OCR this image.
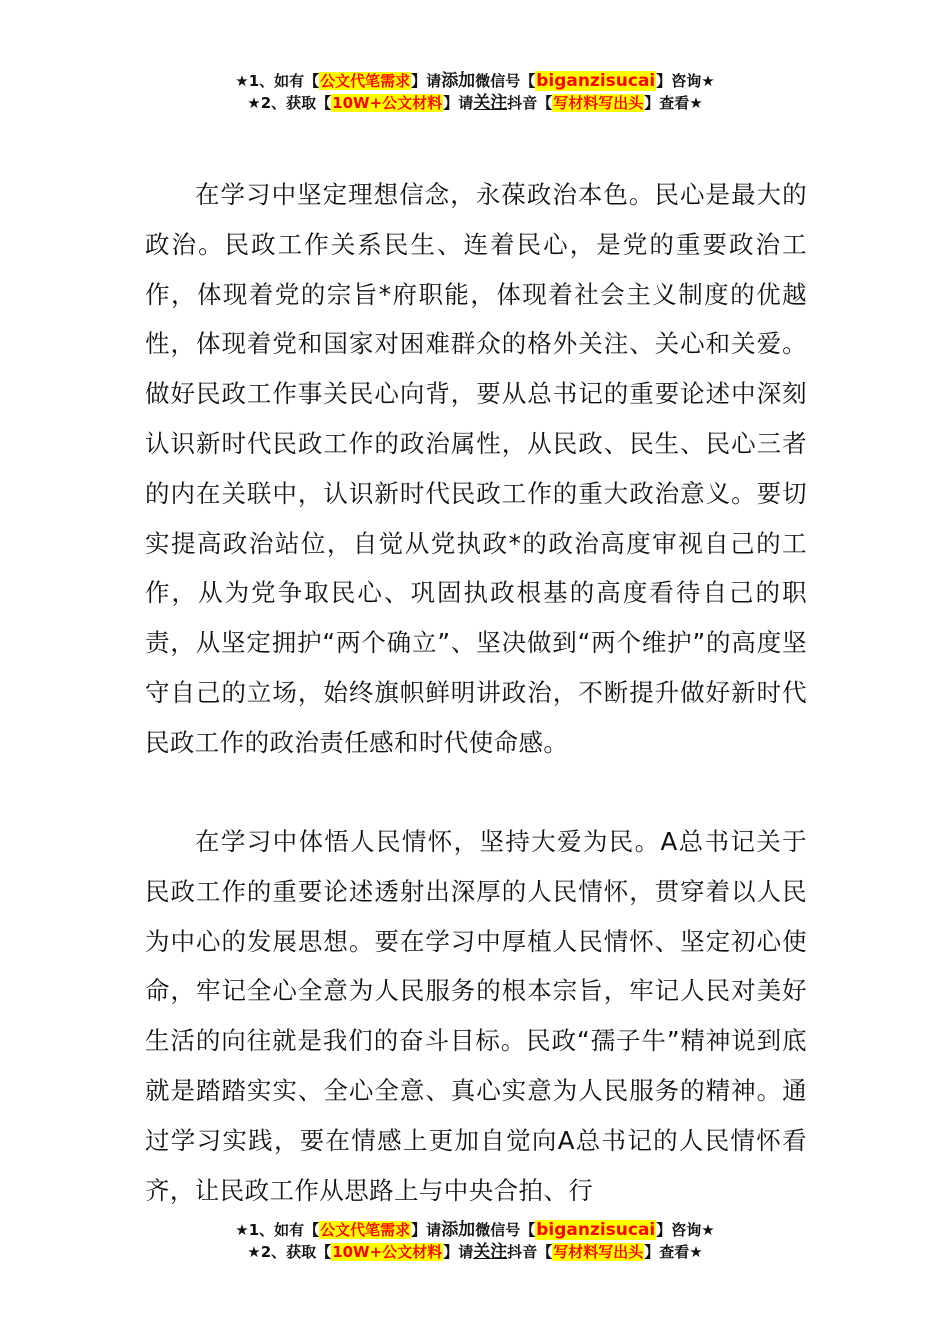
★1、如有【公文代笔需求】请添加微信号【biganzisucai】咨询★
★2、获取【10W+公文材料】请关注抖音【写材料写出头】查看★

在学习中坚定理想信念，永葆政治本色。民心是最大的政治。民政工作关系民生、连着民心，是党的重要政治工作，体现着党的宗旨*府职能，体现着社会主义制度的优越性，体现着党和国家对困难群众的格外关注、关心和关爱。做好民政工作事关民心向背，要从总书记的重要论述中深刻认识新时代民政工作的政治属性，从民政、民生、民心三者的内在关联中，认识新时代民政工作的重大政治意义。要切实提高政治站位，自觉从党执政*的政治高度审视自己的工作，从为党争取民心、巩固执政根基的高度看待自己的职责，从坚定拥护“两个确立”、坚决做到“两个维护”的高度坚守自己的立场，始终旗帜鲜明讲政治，不断提升做好新时代民政工作的政治责任感和时代使命感。

在学习中体悟人民情怀，坚持大爱为民。A总书记关于民政工作的重要论述透射出深厚的人民情怀，贯穿着以人民为中心的发展思想。要在学习中厚植人民情怀、坚定初心使命，牢记全心全意为人民服务的根本宗旨，牢记人民对美好生活的向往就是我们的奋斗目标。民政“孺子牛”精神说到底就是踏踏实实、全心全意、真心实意为人民服务的精神。通过学习实践，要在情感上更加自觉向A总书记的人民情怀看齐，让民政工作从思路上与中央合拍、行

★1、如有【公文代笔需求】请添加微信号【biganzisucai】咨询★
★2、获取【10W+公文材料】请关注抖音【写材料写出头】查看★
